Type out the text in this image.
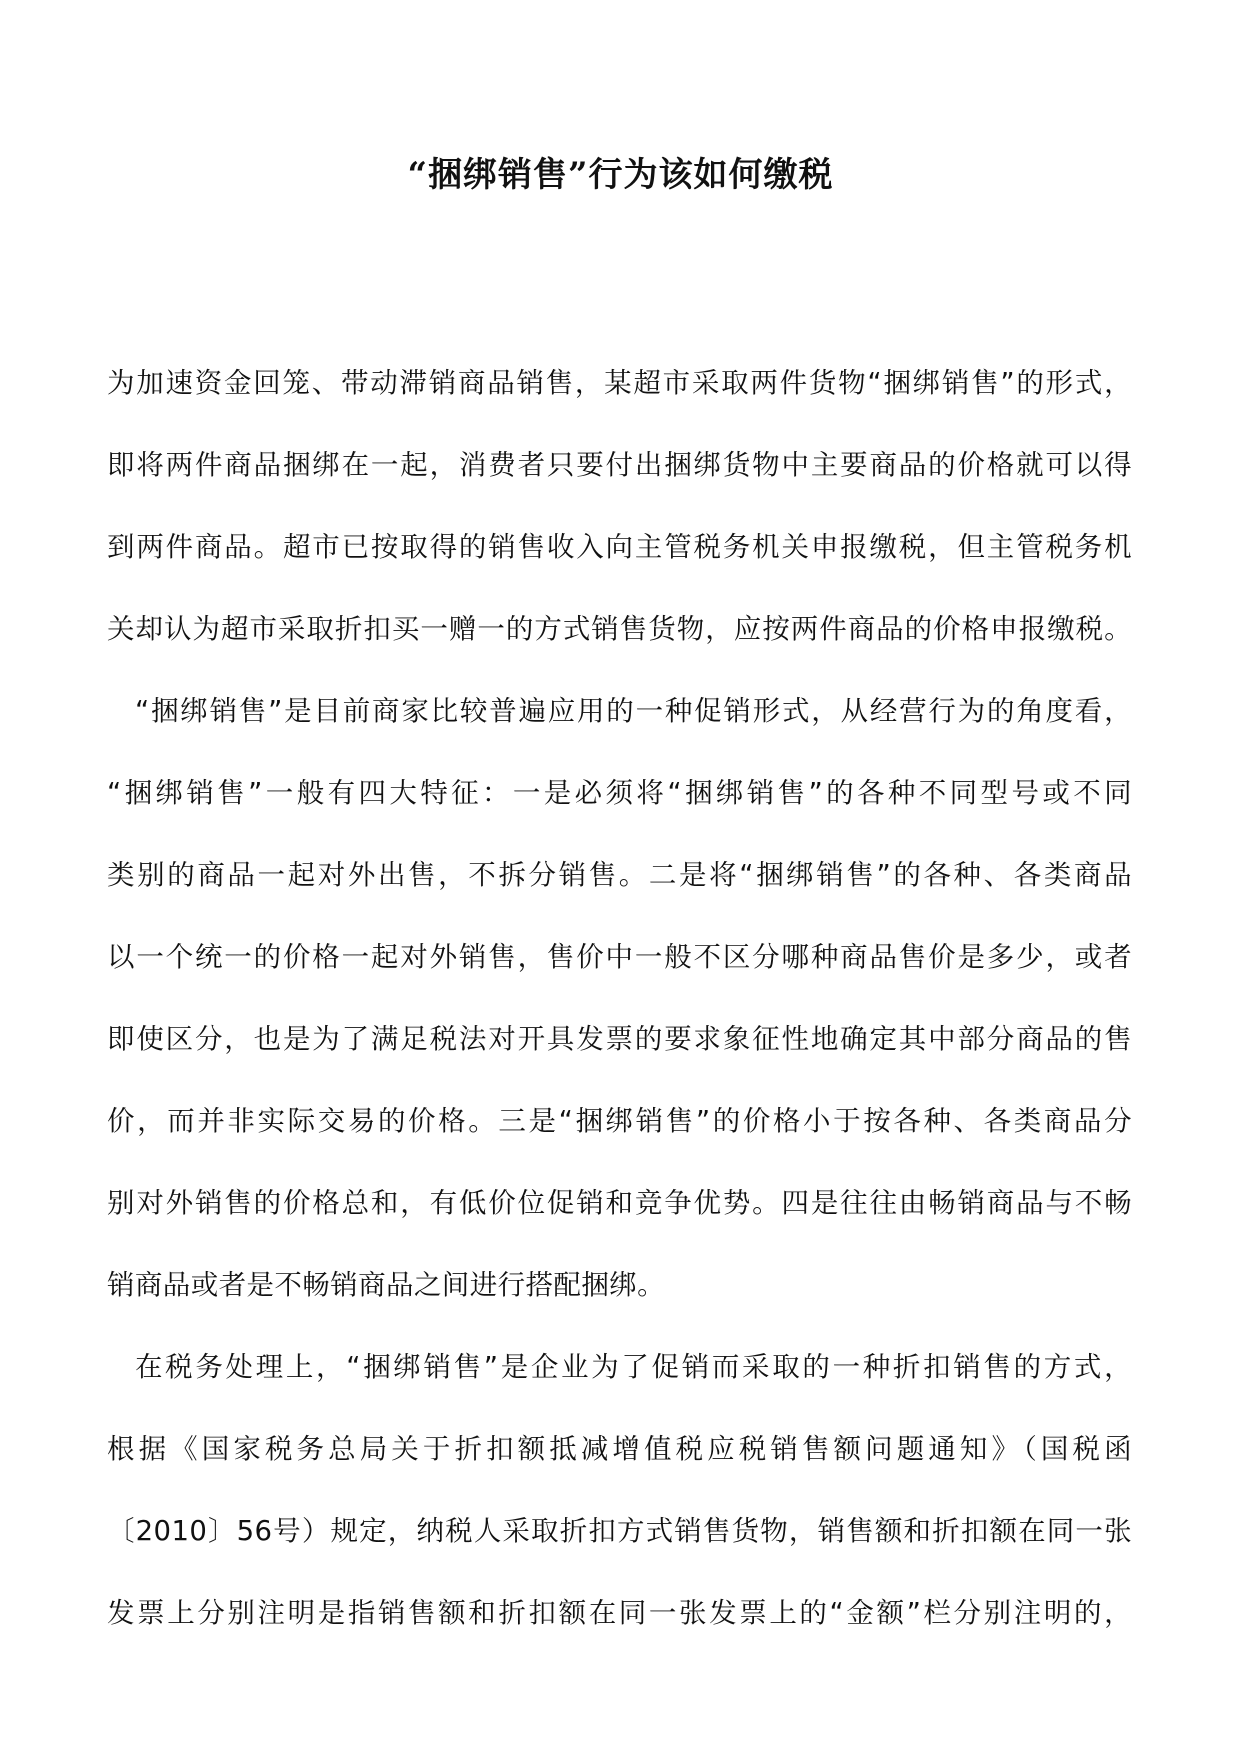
“捆绑销售”行为该如何缴税
为加速资金回笼、带动滞销商品销售，某超市采取两件货物“捆绑销售”的形式，
即将两件商品捆绑在一起，消费者只要付出捆绑货物中主要商品的价格就可以得
到两件商品。超市已按取得的销售收入向主管税务机关申报缴税，但主管税务机
关却认为超市采取折扣买一赠一的方式销售货物，应按两件商品的价格申报缴税。
“捆绑销售”是目前商家比较普遍应用的一种促销形式，从经营行为的角度看，
“捆绑销售”一般有四大特征：一是必须将“捆绑销售”的各种不同型号或不同
类别的商品一起对外出售，不拆分销售。二是将“捆绑销售”的各种、各类商品
以一个统一的价格一起对外销售，售价中一般不区分哪种商品售价是多少，或者
即使区分，也是为了满足税法对开具发票的要求象征性地确定其中部分商品的售
价，而并非实际交易的价格。三是“捆绑销售”的价格小于按各种、各类商品分
别对外销售的价格总和，有低价位促销和竞争优势。四是往往由畅销商品与不畅
销商品或者是不畅销商品之间进行搭配捆绑。
在税务处理上，“捆绑销售”是企业为了促销而采取的一种折扣销售的方式，
根据《国家税务总局关于折扣额抵减增值税应税销售额问题通知》（国税函
〔2010〕56号）规定，纳税人采取折扣方式销售货物，销售额和折扣额在同一张
发票上分别注明是指销售额和折扣额在同一张发票上的“金额”栏分别注明的，
